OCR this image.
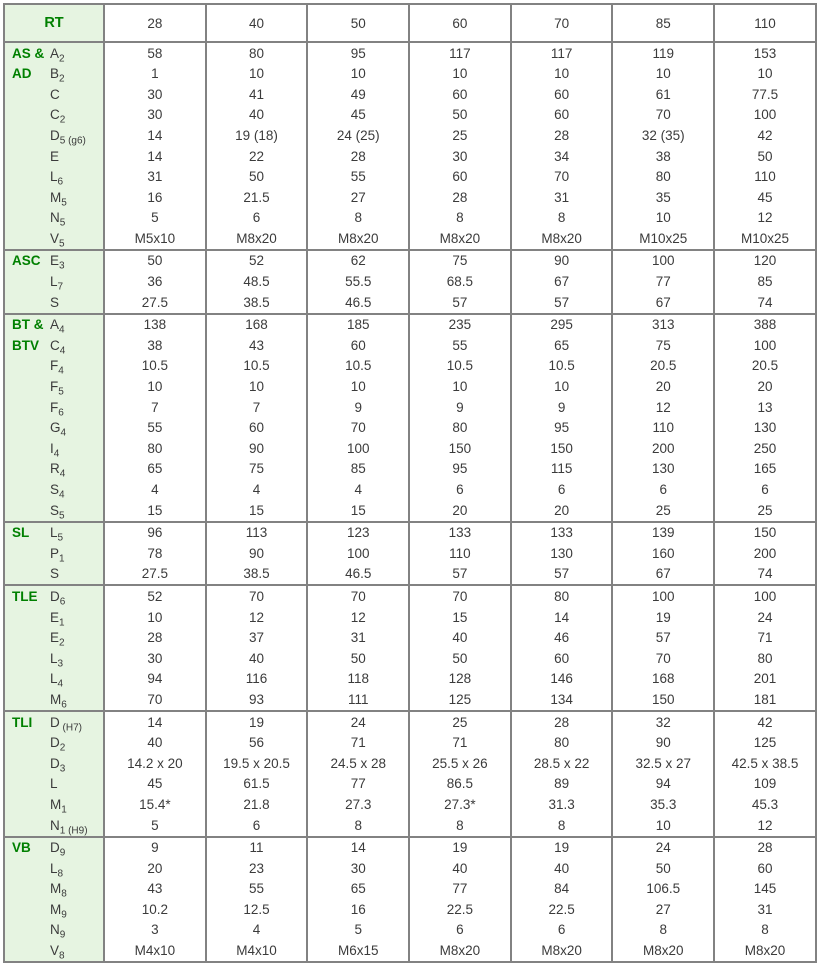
RT	28	40	50	60	70	85	110

AS & $A_2$	58	80	95	117	117	119	153

AD $B_2$	1	10	10	10	10	10	10

C	30	41	49	60	60	61	77.5

$C_2$	30	40	45	50	60	70	100

$D_{5 (g6)}$	14	19 (18)	24 (25)	25	28	32 (35)	42

E	14	22	28	30	34	38	50

$L_6$	31	50	55	60	70	80	110

$M_5$	16	21.5	27	28	31	35	45

$N_5$	5	6	8	8	8	10	12

$V_5$	M5x10	M8x20	M8x20	M8x20	M8x20	M10x25	M10x25

ASC $E_3$	50	52	62	75	90	100	120

$L_7$	36	48.5	55.5	68.5	67	77	85

S	27.5	38.5	46.5	57	57	67	74

BT & $A_4$	138	168	185	235	295	313	388

BTV $C_4$	38	43	60	55	65	75	100

$F_4$	10.5	10.5	10.5	10.5	10.5	20.5	20.5

$F_5$	10	10	10	10	10	20	20

$F_6$	7	7	9	9	9	12	13

$G_4$	55	60	70	80	95	110	130

$I_4$	80	90	100	150	150	200	250

$R_4$	65	75	85	95	115	130	165

$S_4$	4	4	4	6	6	6	6

$S_5$	15	15	15	20	20	25	25

SL $L_5$	96	113	123	133	133	139	150

$P_1$	78	90	100	110	130	160	200

S	27.5	38.5	46.5	57	57	67	74

TLE $D_6$	52	70	70	70	80	100	100

$E_1$	10	12	12	15	14	19	24

$E_2$	28	37	31	40	46	57	71

$L_3$	30	40	50	50	60	70	80

$L_4$	94	116	118	128	146	168	201

$M_6$	70	93	111	125	134	150	181

TLI D $_{(H7)}$	14	19	24	25	28	32	42

$D_2$	40	56	71	71	80	90	125

$D_3$	14.2 x 20	19.5 x 20.5	24.5 x 28	25.5 x 26	28.5 x 22	32.5 x 27	42.5 x 38.5

L	45	61.5	77	86.5	89	94	109

$M_1$	15.4*	21.8	27.3	27.3*	31.3	35.3	45.3

$N_{1 (H9)}$	5	6	8	8	8	10	12

VB $D_9$	9	11	14	19	19	24	28

$L_8$	20	23	30	40	40	50	60

$M_8$	43	55	65	77	84	106.5	145

$M_9$	10.2	12.5	16	22.5	22.5	27	31

$N_9$	3	4	5	6	6	8	8

$V_8$	M4x10	M4x10	M6x15	M8x20	M8x20	M8x20	M8x20
